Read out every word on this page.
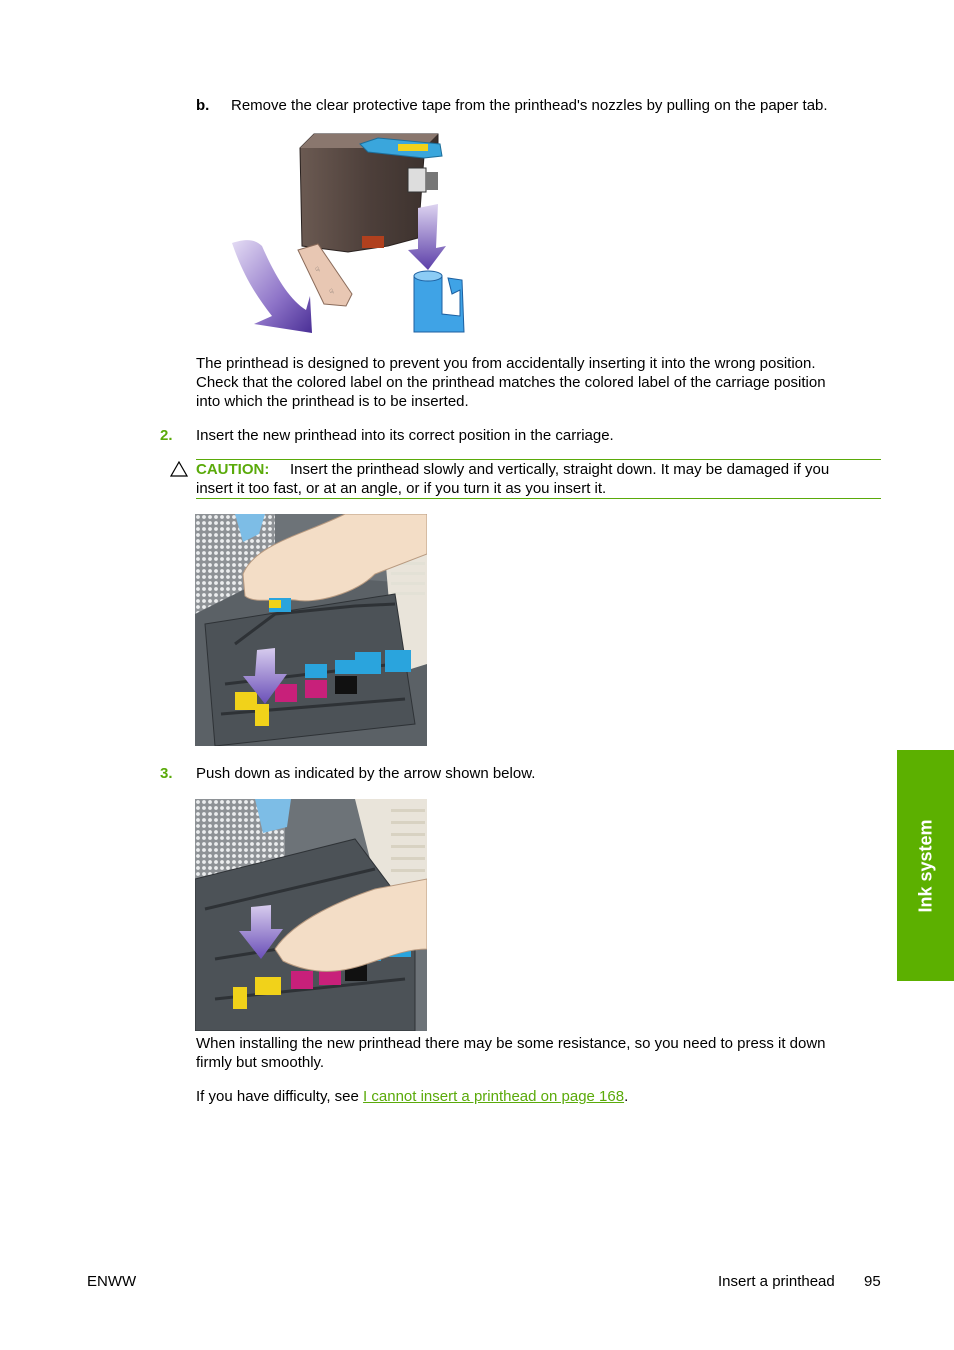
b. Remove the clear protective tape from the printhead's nozzles by pulling on the paper tab.
☞
☞
The printhead is designed to prevent you from accidentally inserting it into the wrong position.
Check that the colored label on the printhead matches the colored label of the carriage position
into which the printhead is to be inserted.
2. Insert the new printhead into its correct position in the carriage.
CAUTION: Insert the printhead slowly and vertically, straight down. It may be damaged if you
insert it too fast, or at an angle, or if you turn it as you insert it.
3. Push down as indicated by the arrow shown below.
When installing the new printhead there may be some resistance, so you need to press it down
firmly but smoothly.
If you have difficulty, see I cannot insert a printhead on page 168.
Ink system
ENWW	Insert a printhead 95
